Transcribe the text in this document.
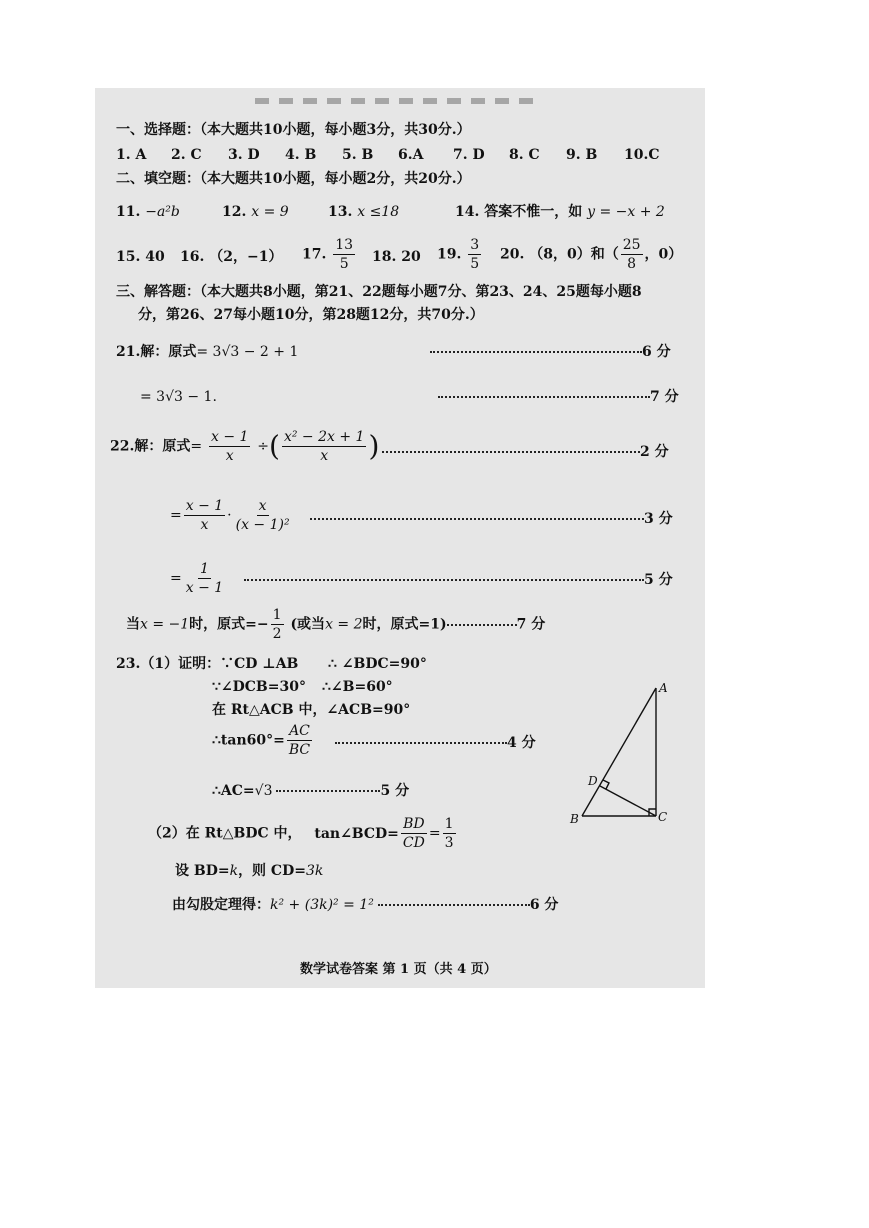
一、选择题：（本大题共10小题，每小题3分，共30分.）
1. A 2. C 3. D 4. B 5. B 6.A 7. D 8. C 9. B 10.C
二、填空题：（本大题共10小题，每小题2分，共20分.）
11. −a²b	12. x = 9	13. x ≤18	14. 答案不惟一，如 y = −x + 2
15. 40 16. （2，−1） 17. $\frac{13}{5} 18$. 20 19. $\frac{3}{5} 20$. （8，0）和（ $\frac{25}{8}$ ，0）
三、解答题：（本大题共8小题，第21、22题每小题7分、第23、24、25题每小题8
分，第26、27每小题10分，第28题12分，共70分.）
21.解：原式= 3√3 − 2 + 1	6 分
= 3√3 − 1.	7 分
22.解：原式= $\frac{x - 1}{x}$ ÷( $\frac{\text{x² − 2x + 1}}{x}$ )	2 分
= $\frac{x - 1}{x} \cdot \frac{x}{\text{(x − 1)²}}$	3 分
= $\frac{1}{x - 1}$	5 分
当x = −1时，原式=− $\frac{1}{2}$ (或当x = 2时，原式=1)	7 分
23.（1）证明：∵CD ⊥AB ∴ ∠BDC=90°
∵∠DCB=30° ∴∠B=60°
在 Rt△ACB 中，∠ACB=90°
∴tan60°= $\frac{AC}{BC}$	4 分
∴AC=√3	5 分
（2）在 Rt△BDC 中， tan∠BCD= $\frac{BD}{CD} = \frac{1}{3}$
设 BD=k，则 CD=3k
由勾股定理得：k² + (3k)² = 1²	6 分
A
B	C
D
数学试卷答案 第 1 页（共 4 页）
